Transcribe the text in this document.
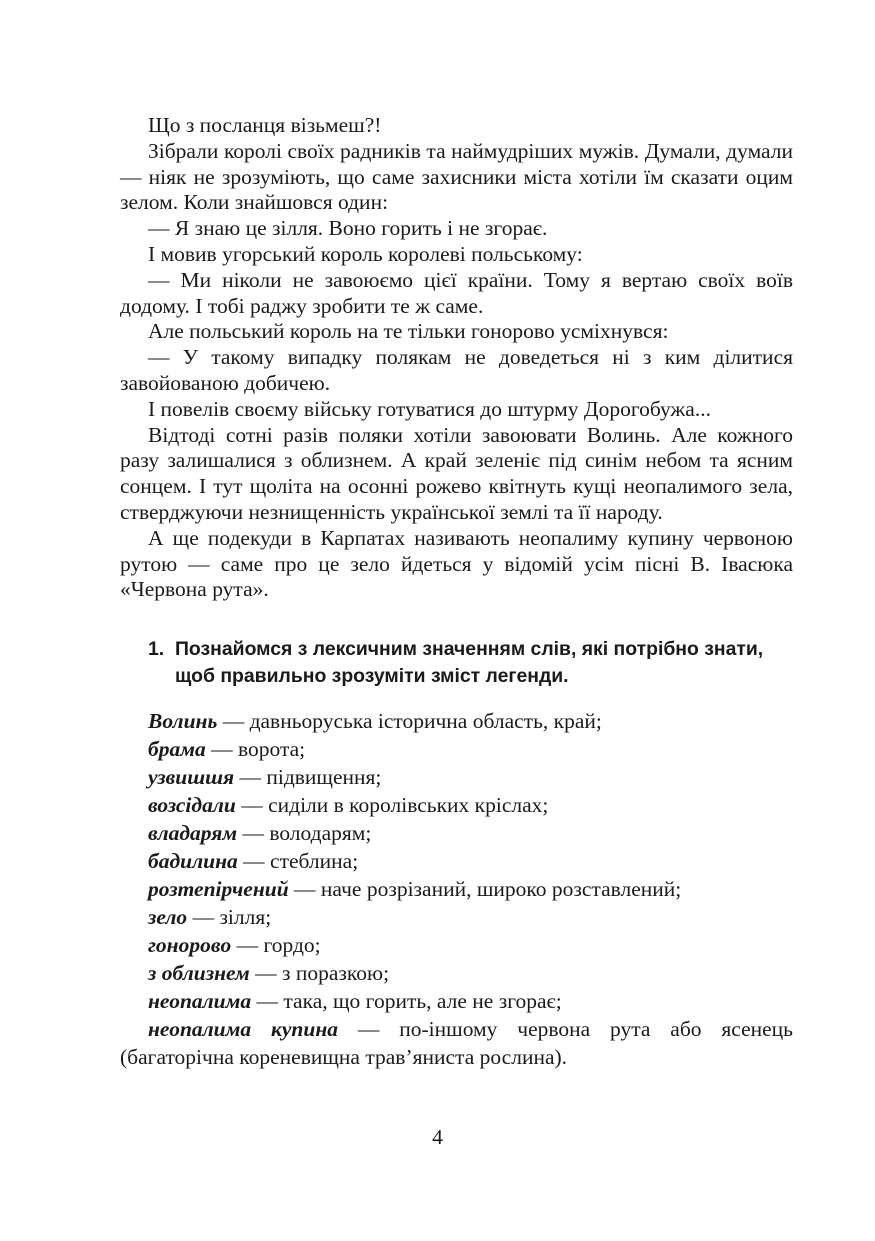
Що з посланця візьмеш?!

Зібрали королі своїх радників та наймудріших мужів. Думали, думали — ніяк не зрозуміють, що саме захисники міста хотіли їм сказати оцим зелом. Коли знайшовся один:

— Я знаю це зілля. Воно горить і не згорає.

І мовив угорський король королеві польському:

— Ми ніколи не завоюємо цієї країни. Тому я вертаю своїх воїв додому. І тобі раджу зробити те ж саме.

Але польський король на те тільки гоноровo усміхнувся:

— У такому випадку полякам не доведеться ні з ким ділитися завойованою добичею.

І повелів своєму війську готуватися до штурму Дорогобужа...

Відтоді сотні разів поляки хотіли завоювати Волинь. Але кожного разу залишалися з облизнем. А край зеленіє під синім небом та ясним сонцем. І тут щоліта на осонні рожево квітнуть кущі неопалимого зела, стверджуючи незнищенність української землі та її народу.

А ще подекуди в Карпатах називають неопалиму купину червоною рутою — саме про це зело йдеться у відомій усім пісні В. Івасюка «Червона рута».

1. Познайомся з лексичним значенням слів, які потрібно знати, щоб правильно зрозуміти зміст легенди.

Волинь — давньоруська історична область, край;

брама — ворота;

узвишшя — підвищення;

возсідали — сиділи в королівських кріслах;

владарям — володарям;

бадилина — стеблина;

розтепірчений — наче розрізаний, широко розставлений;

зело — зілля;

гоноровo — гордо;

з облизнем — з поразкою;

неопалима — така, що горить, але не згорає;

неопалима купина — по-іншому червона рута або ясенець (багаторічна кореневищна трав’яниста рослина).

4
